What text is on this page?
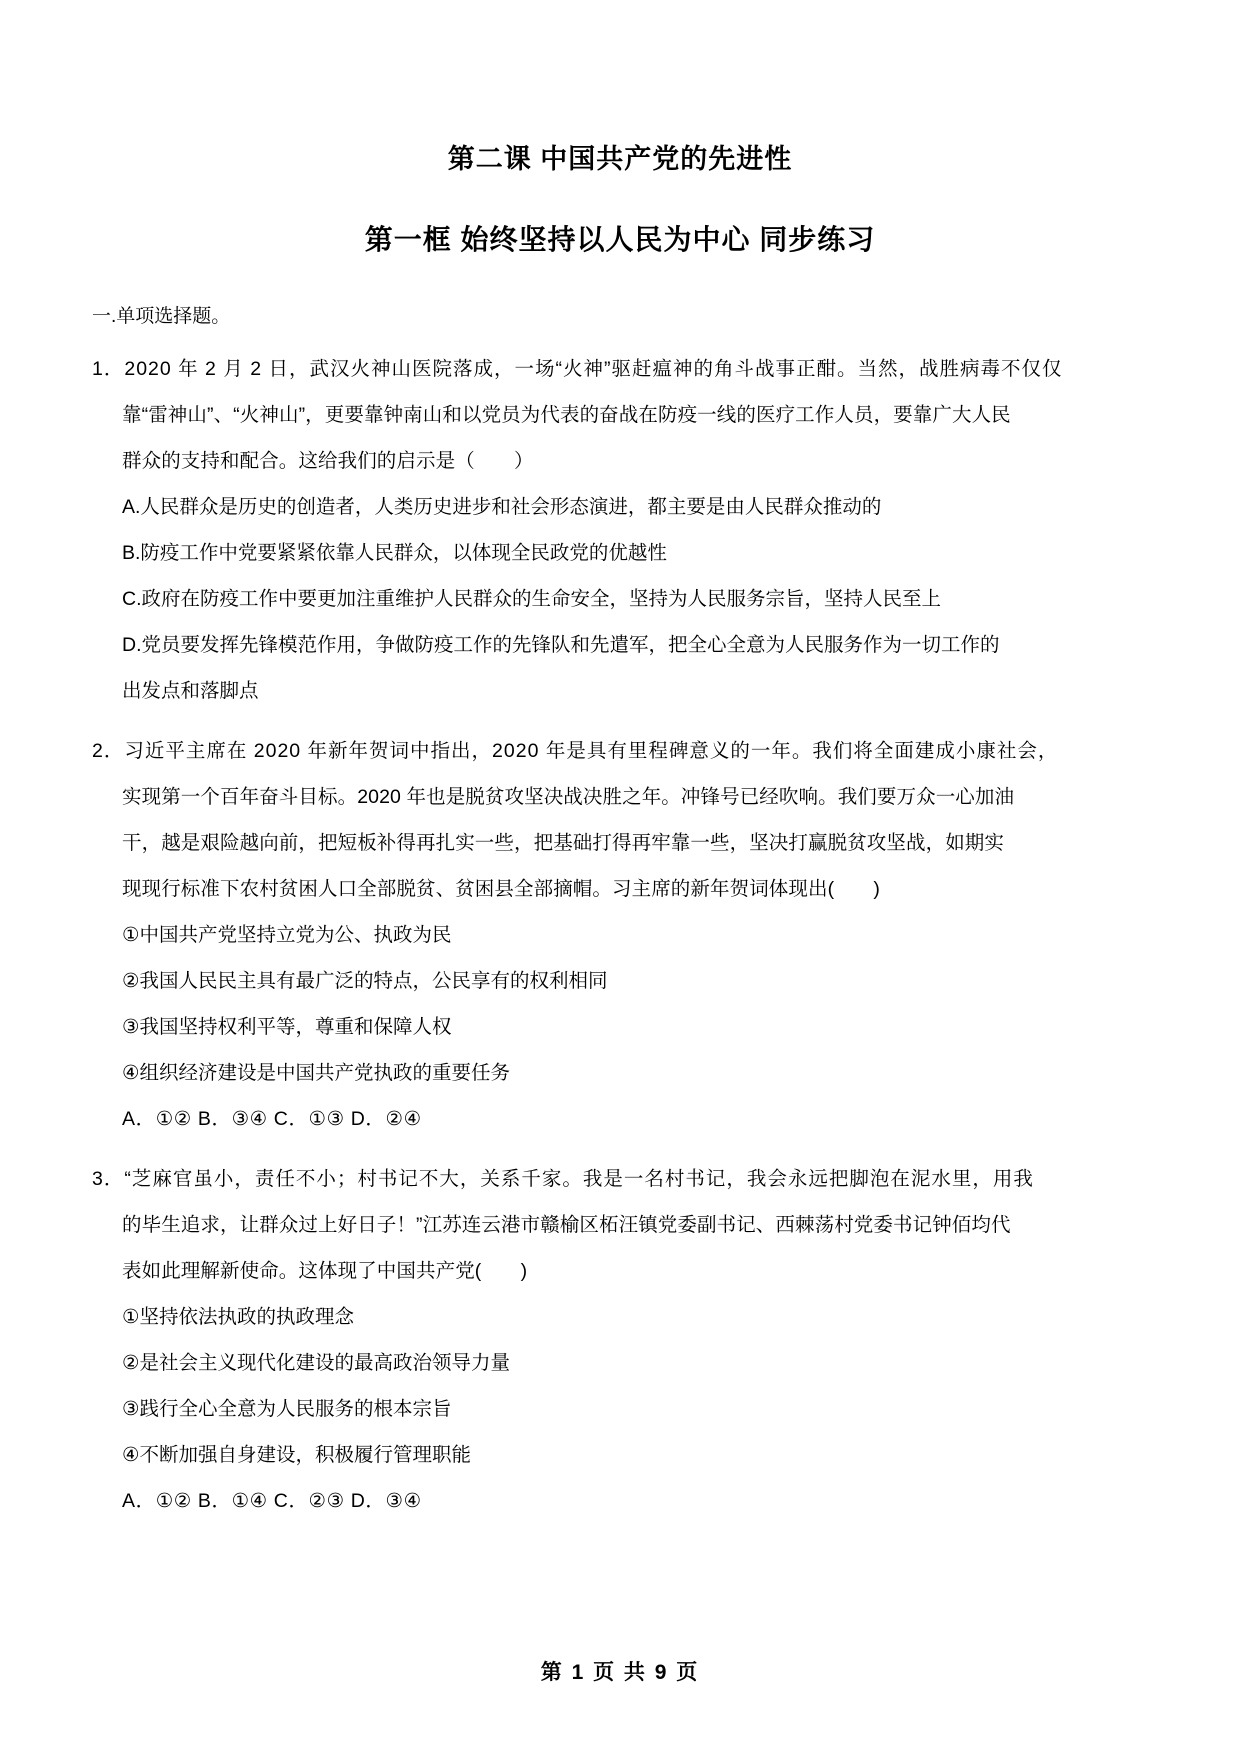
第二课 中国共产党的先进性
第一框 始终坚持以人民为中心 同步练习
一.单项选择题。
1．2020 年 2 月 2 日，武汉火神山医院落成，一场“火神”驱赶瘟神的角斗战事正酣。当然，战胜病毒不仅仅
靠“雷神山”、“火神山”，更要靠钟南山和以党员为代表的奋战在防疫一线的医疗工作人员，要靠广大人民
群众的支持和配合。这给我们的启示是（　　）
A.人民群众是历史的创造者，人类历史进步和社会形态演进，都主要是由人民群众推动的
B.防疫工作中党要紧紧依靠人民群众，以体现全民政党的优越性
C.政府在防疫工作中要更加注重维护人民群众的生命安全，坚持为人民服务宗旨，坚持人民至上
D.党员要发挥先锋模范作用，争做防疫工作的先锋队和先遣军，把全心全意为人民服务作为一切工作的
出发点和落脚点
2．习近平主席在 2020 年新年贺词中指出，2020 年是具有里程碑意义的一年。我们将全面建成小康社会，
实现第一个百年奋斗目标。2020 年也是脱贫攻坚决战决胜之年。冲锋号已经吹响。我们要万众一心加油
干，越是艰险越向前，把短板补得再扎实一些，把基础打得再牢靠一些，坚决打赢脱贫攻坚战，如期实
现现行标准下农村贫困人口全部脱贫、贫困县全部摘帽。习主席的新年贺词体现出(　　)
①中国共产党坚持立党为公、执政为民
②我国人民民主具有最广泛的特点，公民享有的权利相同
③我国坚持权利平等，尊重和保障人权
④组织经济建设是中国共产党执政的重要任务
A．①② B．③④ C．①③ D．②④
3．“芝麻官虽小，责任不小；村书记不大，关系千家。我是一名村书记，我会永远把脚泡在泥水里，用我
的毕生追求，让群众过上好日子！”江苏连云港市赣榆区柘汪镇党委副书记、西棘荡村党委书记钟佰均代
表如此理解新使命。这体现了中国共产党(　　)
①坚持依法执政的执政理念
②是社会主义现代化建设的最高政治领导力量
③践行全心全意为人民服务的根本宗旨
④不断加强自身建设，积极履行管理职能
A．①② B．①④ C．②③ D．③④
第 1 页 共 9 页
